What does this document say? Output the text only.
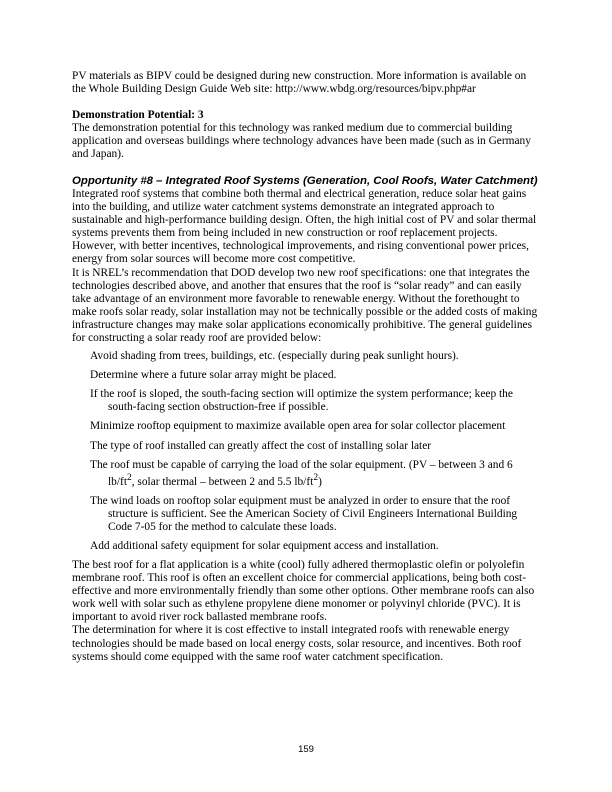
PV materials as BIPV could be designed during new construction. More information is available on the Whole Building Design Guide Web site: http://www.wbdg.org/resources/bipv.php#ar

Demonstration Potential: 3

The demonstration potential for this technology was ranked medium due to commercial building application and overseas buildings where technology advances have been made (such as in Germany and Japan).

Opportunity #8 – Integrated Roof Systems (Generation, Cool Roofs, Water Catchment)

Integrated roof systems that combine both thermal and electrical generation, reduce solar heat gains into the building, and utilize water catchment systems demonstrate an integrated approach to sustainable and high-performance building design. Often, the high initial cost of PV and solar thermal systems prevents them from being included in new construction or roof replacement projects. However, with better incentives, technological improvements, and rising conventional power prices, energy from solar sources will become more cost competitive.

It is NREL’s recommendation that DOD develop two new roof specifications: one that integrates the technologies described above, and another that ensures that the roof is “solar ready” and can easily take advantage of an environment more favorable to renewable energy. Without the forethought to make roofs solar ready, solar installation may not be technically possible or the added costs of making infrastructure changes may make solar applications economically prohibitive. The general guidelines for constructing a solar ready roof are provided below:

Avoid shading from trees, buildings, etc. (especially during peak sunlight hours).
Determine where a future solar array might be placed.
If the roof is sloped, the south-facing section will optimize the system performance; keep the south-facing section obstruction-free if possible.
Minimize rooftop equipment to maximize available open area for solar collector placement
The type of roof installed can greatly affect the cost of installing solar later
The roof must be capable of carrying the load of the solar equipment. (PV – between 3 and 6 $lb/ft^2$, solar thermal – between 2 and 5.5 $lb/ft^2$)
The wind loads on rooftop solar equipment must be analyzed in order to ensure that the roof structure is sufficient. See the American Society of Civil Engineers International Building Code 7-05 for the method to calculate these loads.
Add additional safety equipment for solar equipment access and installation.

The best roof for a flat application is a white (cool) fully adhered thermoplastic olefin or polyolefin membrane roof. This roof is often an excellent choice for commercial applications, being both cost-effective and more environmentally friendly than some other options. Other membrane roofs can also work well with solar such as ethylene propylene diene monomer or polyvinyl chloride (PVC). It is important to avoid river rock ballasted membrane roofs.

The determination for where it is cost effective to install integrated roofs with renewable energy technologies should be made based on local energy costs, solar resource, and incentives. Both roof systems should come equipped with the same roof water catchment specification.

159
